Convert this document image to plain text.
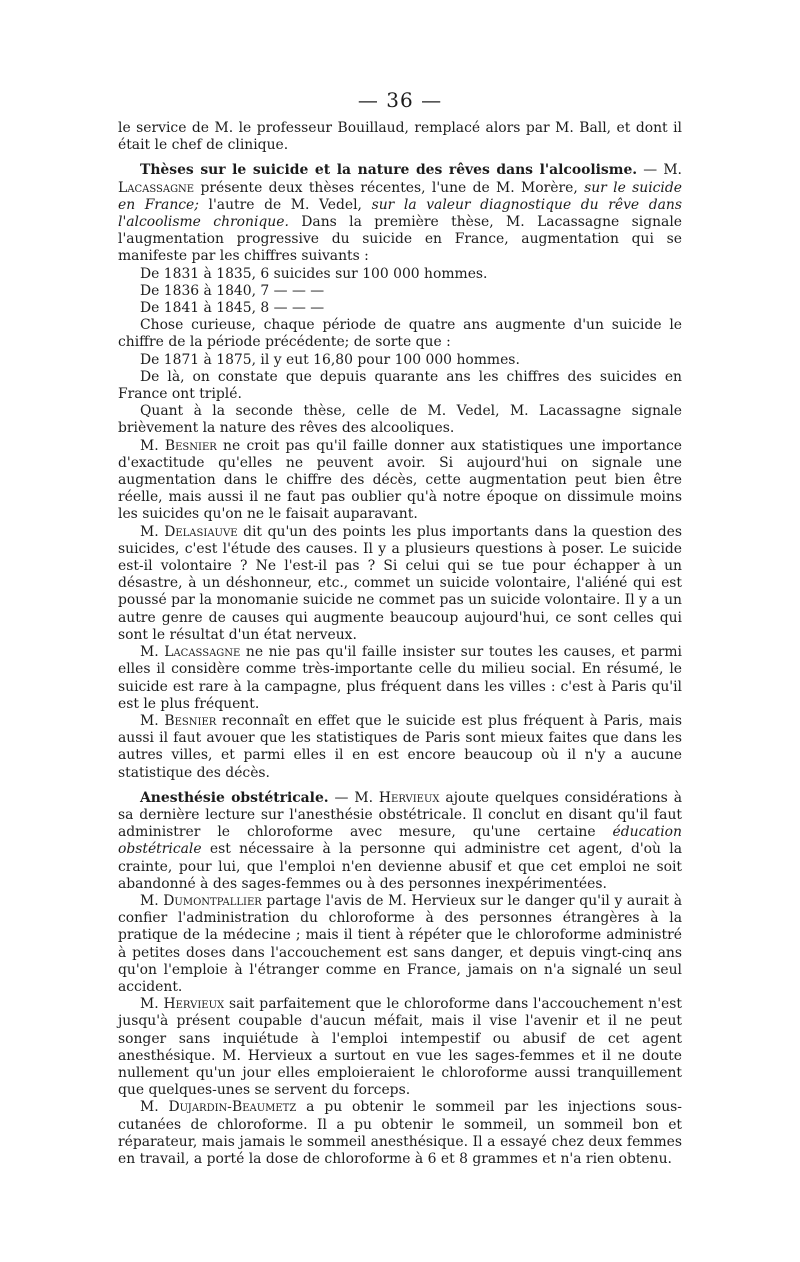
— 36 —

le service de M. le professeur Bouillaud, remplacé alors par M. Ball, et dont il était le chef de clinique.

Thèses sur le suicide et la nature des rêves dans l'alcoolisme. — M. Lacassagne présente deux thèses récentes, l'une de M. Morère, sur le suicide en France; l'autre de M. Vedel, sur la valeur diagnostique du rêve dans l'alcoolisme chronique. Dans la première thèse, M. Lacassagne signale l'augmentation progressive du suicide en France, augmentation qui se manifeste par les chiffres suivants :

De 1831 à 1835, 6 suicides sur 100 000 hommes.

De 1836 à 1840, 7 — — —

De 1841 à 1845, 8 — — —

Chose curieuse, chaque période de quatre ans augmente d'un suicide le chiffre de la période précédente; de sorte que :

De 1871 à 1875, il y eut 16,80 pour 100 000 hommes.

De là, on constate que depuis quarante ans les chiffres des suicides en France ont triplé.

Quant à la seconde thèse, celle de M. Vedel, M. Lacassagne signale brièvement la nature des rêves des alcooliques.

M. Besnier ne croit pas qu'il faille donner aux statistiques une importance d'exactitude qu'elles ne peuvent avoir. Si aujourd'hui on signale une augmentation dans le chiffre des décès, cette augmentation peut bien être réelle, mais aussi il ne faut pas oublier qu'à notre époque on dissimule moins les suicides qu'on ne le faisait auparavant.

M. Delasiauve dit qu'un des points les plus importants dans la question des suicides, c'est l'étude des causes. Il y a plusieurs questions à poser. Le suicide est-il volontaire ? Ne l'est-il pas ? Si celui qui se tue pour échapper à un désastre, à un déshonneur, etc., commet un suicide volontaire, l'aliéné qui est poussé par la monomanie suicide ne commet pas un suicide volontaire. Il y a un autre genre de causes qui augmente beaucoup aujourd'hui, ce sont celles qui sont le résultat d'un état nerveux.

M. Lacassagne ne nie pas qu'il faille insister sur toutes les causes, et parmi elles il considère comme très-importante celle du milieu social. En résumé, le suicide est rare à la campagne, plus fréquent dans les villes : c'est à Paris qu'il est le plus fréquent.

M. Besnier reconnaît en effet que le suicide est plus fréquent à Paris, mais aussi il faut avouer que les statistiques de Paris sont mieux faites que dans les autres villes, et parmi elles il en est encore beaucoup où il n'y a aucune statistique des décès.

Anesthésie obstétricale. — M. Hervieux ajoute quelques considérations à sa dernière lecture sur l'anesthésie obstétricale. Il conclut en disant qu'il faut administrer le chloroforme avec mesure, qu'une certaine éducation obstétricale est nécessaire à la personne qui administre cet agent, d'où la crainte, pour lui, que l'emploi n'en devienne abusif et que cet emploi ne soit abandonné à des sages-femmes ou à des personnes inexpérimentées.

M. Dumontpallier partage l'avis de M. Hervieux sur le danger qu'il y aurait à confier l'administration du chloroforme à des personnes étrangères à la pratique de la médecine ; mais il tient à répéter que le chloroforme administré à petites doses dans l'accouchement est sans danger, et depuis vingt-cinq ans qu'on l'emploie à l'étranger comme en France, jamais on n'a signalé un seul accident.

M. Hervieux sait parfaitement que le chloroforme dans l'accouchement n'est jusqu'à présent coupable d'aucun méfait, mais il vise l'avenir et il ne peut songer sans inquiétude à l'emploi intempestif ou abusif de cet agent anesthésique. M. Hervieux a surtout en vue les sages-femmes et il ne doute nullement qu'un jour elles emploieraient le chloroforme aussi tranquillement que quelques-unes se servent du forceps.

M. Dujardin-Beaumetz a pu obtenir le sommeil par les injections sous-cutanées de chloroforme. Il a pu obtenir le sommeil, un sommeil bon et réparateur, mais jamais le sommeil anesthésique. Il a essayé chez deux femmes en travail, a porté la dose de chloroforme à 6 et 8 grammes et n'a rien obtenu.
